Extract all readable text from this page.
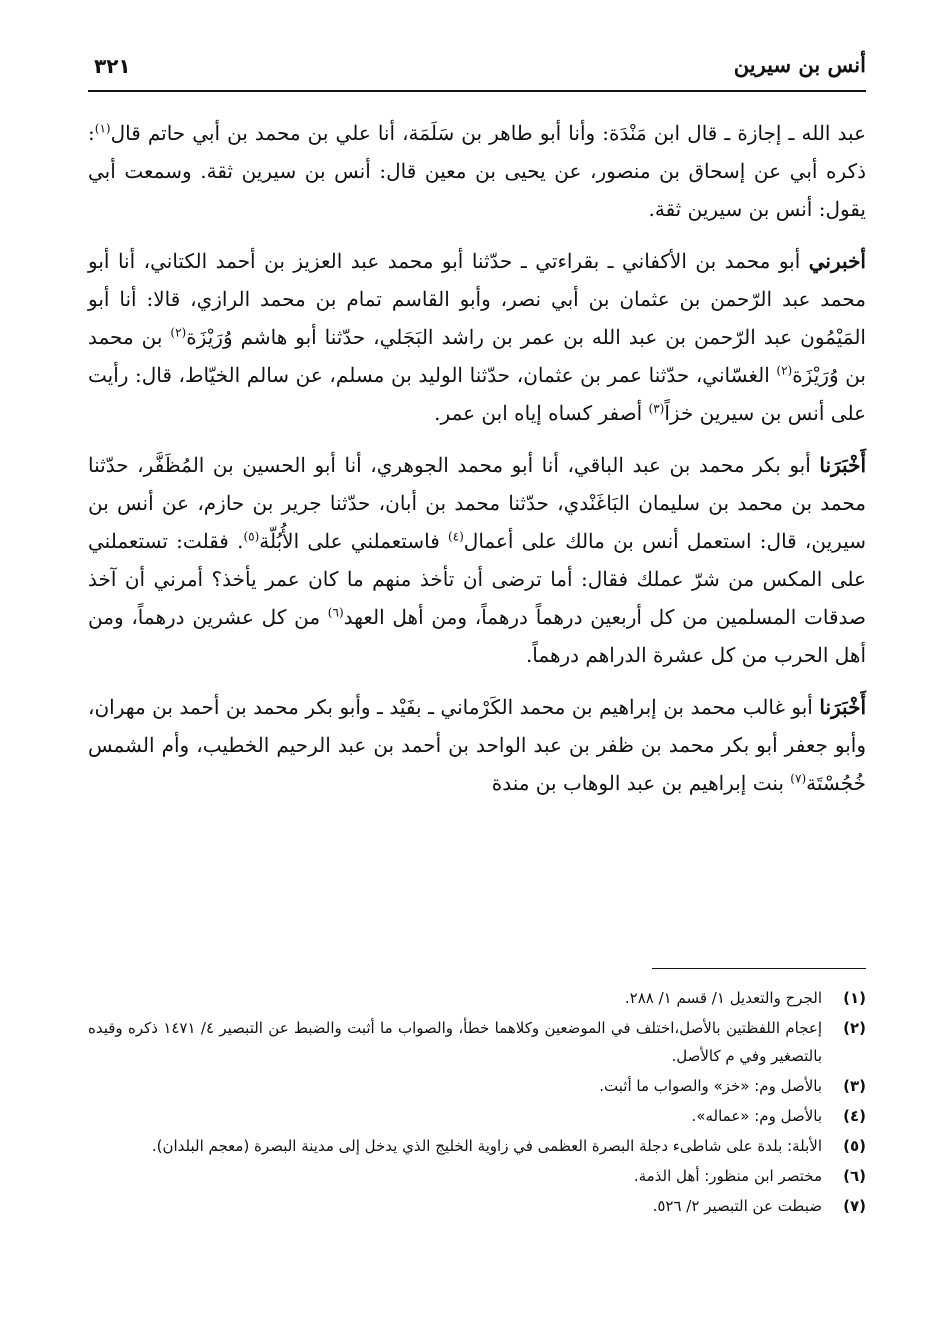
أنس بن سيرين
٣٢١

عبد الله ـ إجازة ـ قال ابن مَنْدَة: وأنا أبو طاهر بن سَلَمَة، أنا علي بن محمد بن أبي حاتم قال$^{(١)}$: ذكره أبي عن إسحاق بن منصور، عن يحيى بن معين قال: أنس بن سيرين ثقة. وسمعت أبي يقول: أنس بن سيرين ثقة.

أخبرني أبو محمد بن الأكفاني ـ بقراءتي ـ حدّثنا أبو محمد عبد العزيز بن أحمد الكتاني، أنا أبو محمد عبد الرّحمن بن عثمان بن أبي نصر، وأبو القاسم تمام بن محمد الرازي، قالا: أنا أبو المَيْمُون عبد الرّحمن بن عبد الله بن عمر بن راشد البَجَلي، حدّثنا أبو هاشم وُرَيْزَة$^{(٢)}$ بن محمد بن وُرَيْزَة$^{(٢)}$ الغسّاني، حدّثنا عمر بن عثمان، حدّثنا الوليد بن مسلم، عن سالم الخيّاط، قال: رأيت على أنس بن سيرين خزاً$^{(٣)}$ أصفر كساه إياه ابن عمر.

أَخْبَرَنا أبو بكر محمد بن عبد الباقي، أنا أبو محمد الجوهري، أنا أبو الحسين بن المُظَفَّر، حدّثنا محمد بن محمد بن سليمان البَاغَنْدي، حدّثنا محمد بن أبان، حدّثنا جرير بن حازم، عن أنس بن سيرين، قال: استعمل أنس بن مالك على أعمال$^{(٤)}$ فاستعملني على الأُبُلّة$^{(٥)}$. فقلت: تستعملني على المكس من شرّ عملك فقال: أما ترضى أن تأخذ منهم ما كان عمر يأخذ؟ أمرني أن آخذ صدقات المسلمين من كل أربعين درهماً درهماً، ومن أهل العهد$^{(٦)}$ من كل عشرين درهماً، ومن أهل الحرب من كل عشرة الدراهم درهماً.

أَخْبَرَنا أبو غالب محمد بن إبراهيم بن محمد الكَرْماني ـ بفَيْد ـ وأبو بكر محمد بن أحمد بن مهران، وأبو جعفر أبو بكر محمد بن ظفر بن عبد الواحد بن أحمد بن عبد الرحيم الخطيب، وأم الشمس خُجُسْتَة$^{(٧)}$ بنت إبراهيم بن عبد الوهاب بن مندة

(١)
الجرح والتعديل ١/ قسم ١/ ٢٨٨.
(٢)
إعجام اللفظتين بالأصل،اختلف في الموضعين وكلاهما خطأ، والصواب ما أثبت والضبط عن التبصير ٤/ ١٤٧١ ذكره وقيده بالتصغير وفي م كالأصل.
(٣)
بالأصل وم: «خز» والصواب ما أثبت.
(٤)
بالأصل وم: «عماله».
(٥)
الأبلة: بلدة على شاطىء دجلة البصرة العظمى في زاوية الخليج الذي يدخل إلى مدينة البصرة (معجم البلدان).
(٦)
مختصر ابن منظور: أهل الذمة.
(٧)
ضبطت عن التبصير ٢/ ٥٢٦.
